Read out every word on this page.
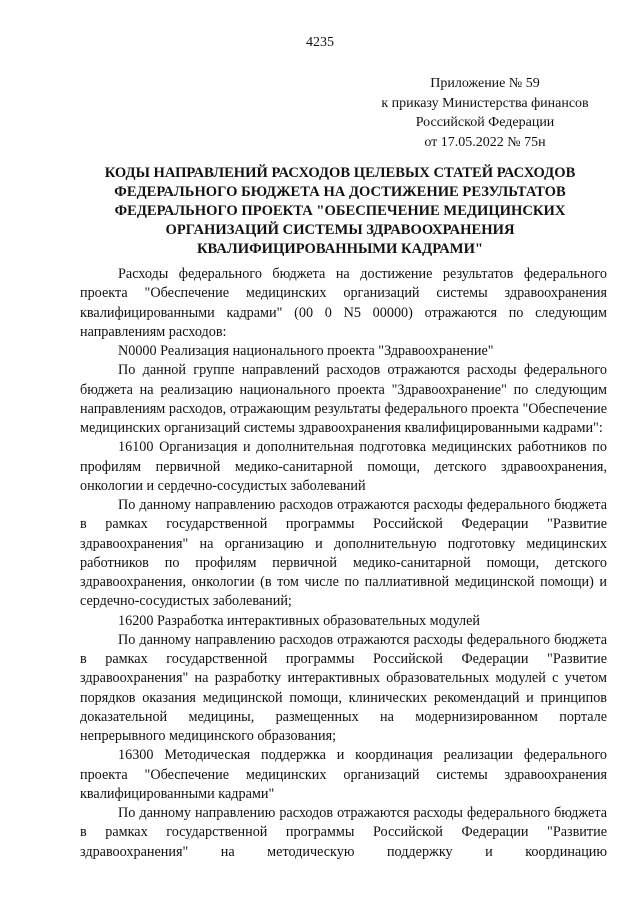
4235
Приложение № 59
к приказу Министерства финансов
Российской Федерации
от 17.05.2022 № 75н
КОДЫ НАПРАВЛЕНИЙ РАСХОДОВ ЦЕЛЕВЫХ СТАТЕЙ РАСХОДОВ ФЕДЕРАЛЬНОГО БЮДЖЕТА НА ДОСТИЖЕНИЕ РЕЗУЛЬТАТОВ ФЕДЕРАЛЬНОГО ПРОЕКТА "ОБЕСПЕЧЕНИЕ МЕДИЦИНСКИХ ОРГАНИЗАЦИЙ СИСТЕМЫ ЗДРАВООХРАНЕНИЯ КВАЛИФИЦИРОВАННЫМИ КАДРАМИ"

Расходы федерального бюджета на достижение результатов федерального проекта "Обеспечение медицинских организаций системы здравоохранения квалифицированными кадрами" (00 0 N5 00000) отражаются по следующим направлениям расходов:

N0000 Реализация национального проекта "Здравоохранение"

По данной группе направлений расходов отражаются расходы федерального бюджета на реализацию национального проекта "Здравоохранение" по следующим направлениям расходов, отражающим результаты федерального проекта "Обеспечение медицинских организаций системы здравоохранения квалифицированными кадрами":

16100 Организация и дополнительная подготовка медицинских работников по профилям первичной медико-санитарной помощи, детского здравоохранения, онкологии и сердечно-сосудистых заболеваний

По данному направлению расходов отражаются расходы федерального бюджета в рамках государственной программы Российской Федерации "Развитие здравоохранения" на организацию и дополнительную подготовку медицинских работников по профилям первичной медико-санитарной помощи, детского здравоохранения, онкологии (в том числе по паллиативной медицинской помощи) и сердечно-сосудистых заболеваний;

16200 Разработка интерактивных образовательных модулей

По данному направлению расходов отражаются расходы федерального бюджета в рамках государственной программы Российской Федерации "Развитие здравоохранения" на разработку интерактивных образовательных модулей с учетом порядков оказания медицинской помощи, клинических рекомендаций и принципов доказательной медицины, размещенных на модернизированном портале непрерывного медицинского образования;

16300 Методическая поддержка и координация реализации федерального проекта "Обеспечение медицинских организаций системы здравоохранения квалифицированными кадрами"

По данному направлению расходов отражаются расходы федерального бюджета в рамках государственной программы Российской Федерации "Развитие здравоохранения" на методическую поддержку и координацию
